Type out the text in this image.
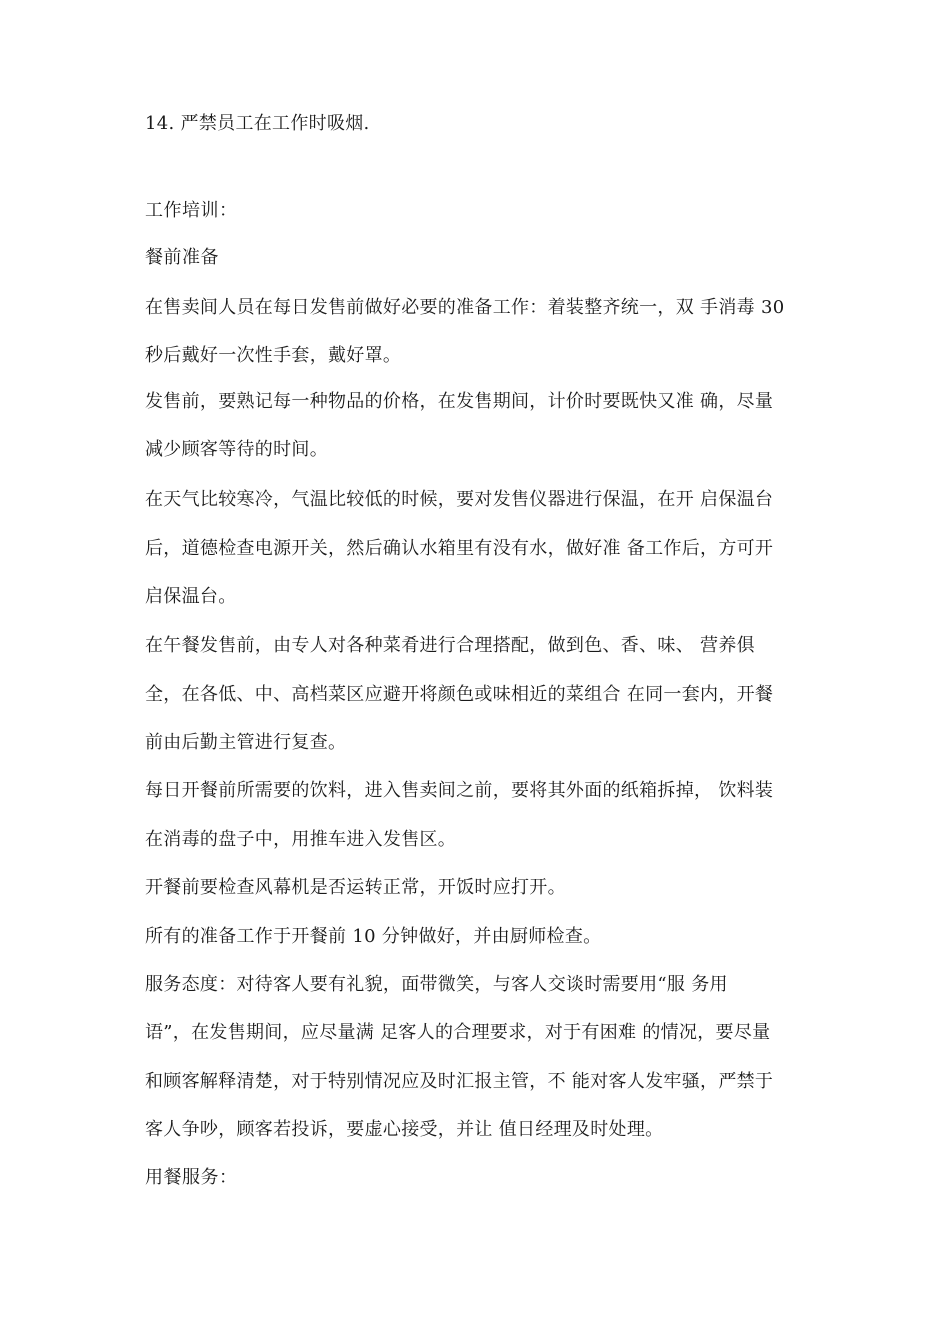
14. 严禁员工在工作时吸烟.

工作培训：

餐前准备

在售卖间人员在每日发售前做好必要的准备工作：着装整齐统一，双 手消毒 30

秒后戴好一次性手套，戴好罩。

发售前，要熟记每一种物品的价格，在发售期间，计价时要既快又准 确，尽量

减少顾客等待的时间。

在天气比较寒冷，气温比较低的时候，要对发售仪器进行保温，在开 启保温台

后，道德检查电源开关，然后确认水箱里有没有水，做好准 备工作后，方可开

启保温台。

在午餐发售前，由专人对各种菜肴进行合理搭配，做到色、香、味、 营养俱

全，在各低、中、高档菜区应避开将颜色或味相近的菜组合 在同一套内，开餐

前由后勤主管进行复查。

每日开餐前所需要的饮料，进入售卖间之前，要将其外面的纸箱拆掉， 饮料装

在消毒的盘子中，用推车进入发售区。

开餐前要检查风幕机是否运转正常，开饭时应打开。

所有的准备工作于开餐前 10 分钟做好，并由厨师检查。

服务态度：对待客人要有礼貌，面带微笑，与客人交谈时需要用“服 务用

语”，在发售期间，应尽量满 足客人的合理要求，对于有困难 的情况，要尽量

和顾客解释清楚，对于特别情况应及时汇报主管，不 能对客人发牢骚，严禁于

客人争吵，顾客若投诉，要虚心接受，并让 值日经理及时处理。

用餐服务：
